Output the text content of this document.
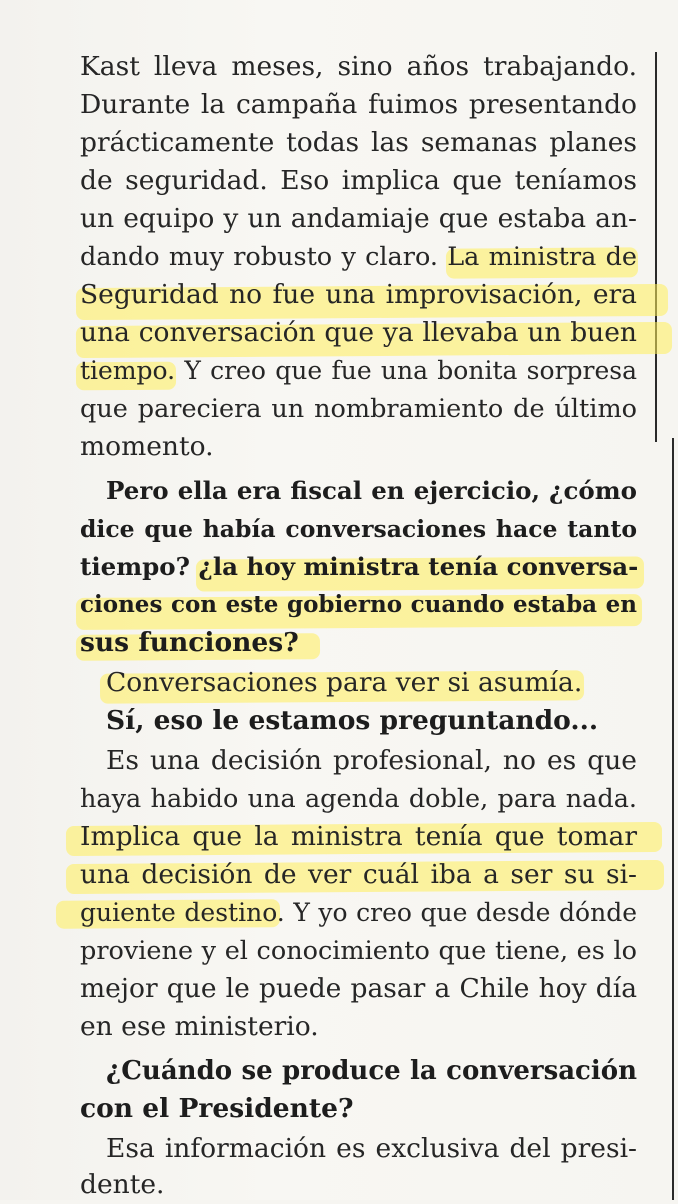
Kast lleva meses, sino años trabajando.
Durante la campaña fuimos presentando
prácticamente todas las semanas planes
de seguridad. Eso implica que teníamos
un equipo y un andamiaje que estaba an-
dando muy robusto y claro. La ministra de
Seguridad no fue una improvisación, era
una conversación que ya llevaba un buen
tiempo. Y creo que fue una bonita sorpresa
que pareciera un nombramiento de último
momento.
Pero ella era fiscal en ejercicio, ¿cómo
dice que había conversaciones hace tanto
tiempo? ¿la hoy ministra tenía conversa-
ciones con este gobierno cuando estaba en
sus funciones?
Conversaciones para ver si asumía.
Sí, eso le estamos preguntando...
Es una decisión profesional, no es que
haya habido una agenda doble, para nada.
Implica que la ministra tenía que tomar
una decisión de ver cuál iba a ser su si-
guiente destino. Y yo creo que desde dónde
proviene y el conocimiento que tiene, es lo
mejor que le puede pasar a Chile hoy día
en ese ministerio.
¿Cuándo se produce la conversación
con el Presidente?
Esa información es exclusiva del presi-
dente.
